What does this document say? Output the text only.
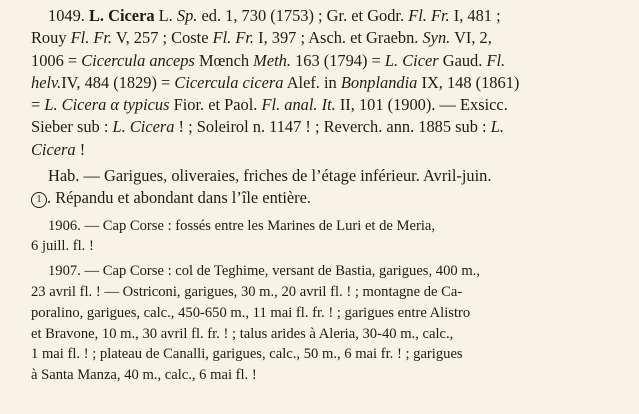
1049. L. Cicera L. Sp. ed. 1, 730 (1753) ; Gr. et Godr. Fl. Fr. I, 481 ;
Rouy Fl. Fr. V, 257 ; Coste Fl. Fr. I, 397 ; Asch. et Graebn. Syn. VI, 2,
1006 = Cicercula anceps Mœnch Meth. 163 (1794) = L. Cicer Gaud. Fl.
helv.IV, 484 (1829) = Cicercula cicera Alef. in Bonplandia IX, 148 (1861)
= L. Cicera α typicus Fior. et Paol. Fl. anal. It. II, 101 (1900). — Exsicc.
Sieber sub : L. Cicera ! ; Soleirol n. 1147 ! ; Reverch. ann. 1885 sub : L.
Cicera !

Hab. — Garigues, oliveraies, friches de l’étage inférieur. Avril-juin.
1 . Répandu et abondant dans l’île entière.

1906. — Cap Corse : fossés entre les Marines de Luri et de Meria,
6 juill. fl. !

1907. — Cap Corse : col de Teghime, versant de Bastia, garigues, 400 m.,
23 avril fl. ! — Ostriconi, garigues, 30 m., 20 avril fl. ! ; montagne de Ca-
poralino, garigues, calc., 450-650 m., 11 mai fl. fr. ! ; garigues entre Alistro
et Bravone, 10 m., 30 avril fl. fr. ! ; talus arides à Aleria, 30-40 m., calc.,
1 mai fl. ! ; plateau de Canalli, garigues, calc., 50 m., 6 mai fr. ! ; garigues
à Santa Manza, 40 m., calc., 6 mai fl. !
